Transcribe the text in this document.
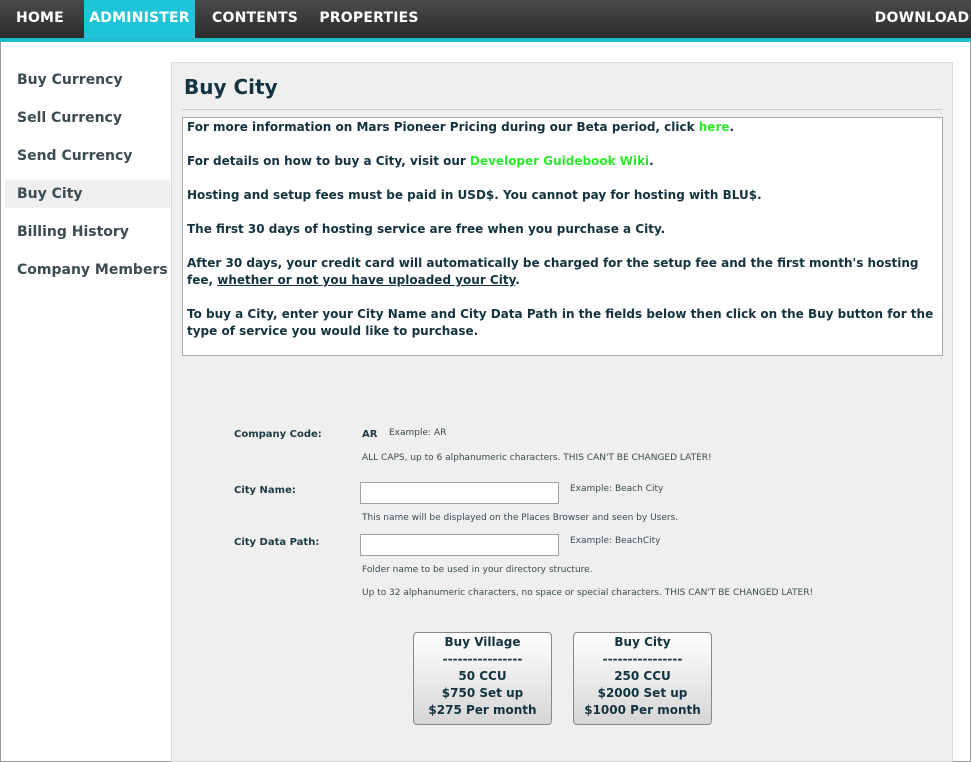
HOME	ADMINISTER	CONTENTS	PROPERTIES	DOWNLOAD
Buy Currency
Sell Currency
Send Currency
Buy City
Billing History
Company Members
Buy City

For more information on Mars Pioneer Pricing during our Beta period, click here.

For details on how to buy a City, visit our Developer Guidebook Wiki.

Hosting and setup fees must be paid in USD$. You cannot pay for hosting with BLU$.

The first 30 days of hosting service are free when you purchase a City.

After 30 days, your credit card will automatically be charged for the setup fee and the first month's hosting fee, whether or not you have uploaded your City.

To buy a City, enter your City Name and City Data Path in the fields below then click on the Buy button for the type of service you would like to purchase.

Company Code:	AR Example: AR
ALL CAPS, up to 6 alphanumeric characters. THIS CAN'T BE CHANGED LATER!
City Name:	Example: Beach City
This name will be displayed on the Places Browser and seen by Users.
City Data Path:	Example: BeachCity
Folder name to be used in your directory structure.
Up to 32 alphanumeric characters, no space or special characters. THIS CAN'T BE CHANGED LATER!
Buy Village
----------------
50 CCU
$750 Set up
$275 Per month
Buy City
----------------
250 CCU
$2000 Set up
$1000 Per month
